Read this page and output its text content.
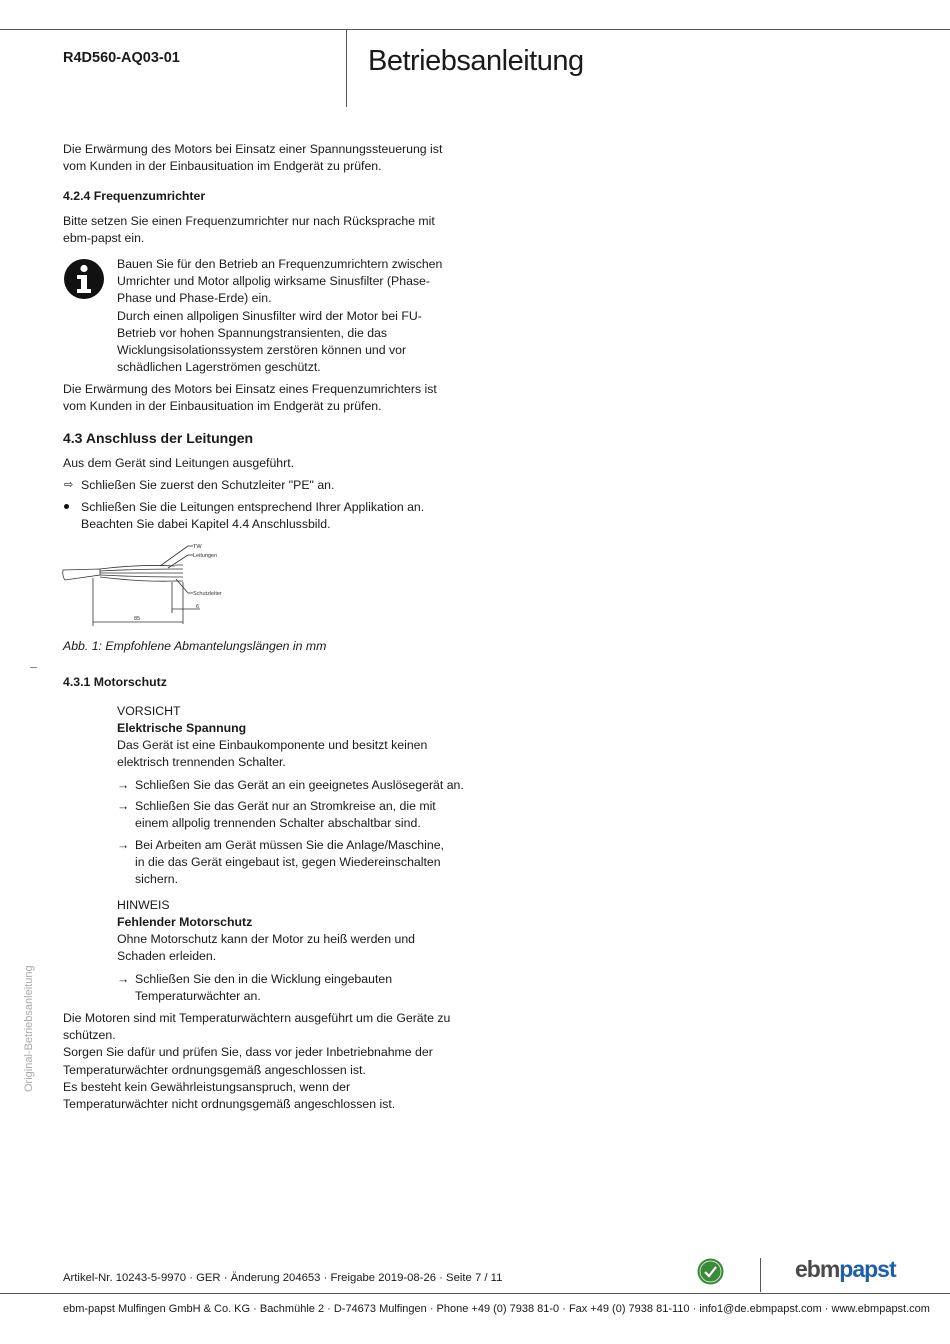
R4D560-AQ03-01	Betriebsanleitung
Original-Betriebsanleitung
Die Erwärmung des Motors bei Einsatz einer Spannungssteuerung ist
vom Kunden in der Einbausituation im Endgerät zu prüfen.
4.2.4 Frequenzumrichter
Bitte setzen Sie einen Frequenzumrichter nur nach Rücksprache mit
ebm-papst ein.
Bauen Sie für den Betrieb an Frequenzumrichtern zwischen
Umrichter und Motor allpolig wirksame Sinusfilter (Phase-
Phase und Phase-Erde) ein.
Durch einen allpoligen Sinusfilter wird der Motor bei FU-
Betrieb vor hohen Spannungstransienten, die das
Wicklungsisolationssystem zerstören können und vor
schädlichen Lagerströmen geschützt.
Die Erwärmung des Motors bei Einsatz eines Frequenzumrichters ist
vom Kunden in der Einbausituation im Endgerät zu prüfen.
4.3 Anschluss der Leitungen
Aus dem Gerät sind Leitungen ausgeführt.
⇨ Schließen Sie zuerst den Schutzleiter "PE" an.
Schließen Sie die Leitungen entsprechend Ihrer Applikation an.
Beachten Sie dabei Kapitel 4.4 Anschlussbild.
TW
Leitungen
Schutzleiter
85
6
Abb. 1: Empfohlene Abmantelungslängen in mm
4.3.1 Motorschutz
VORSICHT
Elektrische Spannung
Das Gerät ist eine Einbaukomponente und besitzt keinen
elektrisch trennenden Schalter.
→ Schließen Sie das Gerät an ein geeignetes Auslösegerät an.
→ Schließen Sie das Gerät nur an Stromkreise an, die mit
einem allpolig trennenden Schalter abschaltbar sind.
→ Bei Arbeiten am Gerät müssen Sie die Anlage/Maschine,
in die das Gerät eingebaut ist, gegen Wiedereinschalten
sichern.
HINWEIS
Fehlender Motorschutz
Ohne Motorschutz kann der Motor zu heiß werden und
Schaden erleiden.
→ Schließen Sie den in die Wicklung eingebauten
Temperaturwächter an.
Die Motoren sind mit Temperaturwächtern ausgeführt um die Geräte zu
schützen.
Sorgen Sie dafür und prüfen Sie, dass vor jeder Inbetriebnahme der
Temperaturwächter ordnungsgemäß angeschlossen ist.
Es besteht kein Gewährleistungsanspruch, wenn der
Temperaturwächter nicht ordnungsgemäß angeschlossen ist.
Artikel-Nr. 10243-5-9970 · GER · Änderung 204653 · Freigabe 2019-08-26 · Seite 7 / 11	ebmpapst
ebm-papst Mulfingen GmbH & Co. KG · Bachmühle 2 · D-74673 Mulfingen · Phone +49 (0) 7938 81-0 · Fax +49 (0) 7938 81-110 · info1@de.ebmpapst.com · www.ebmpapst.com
